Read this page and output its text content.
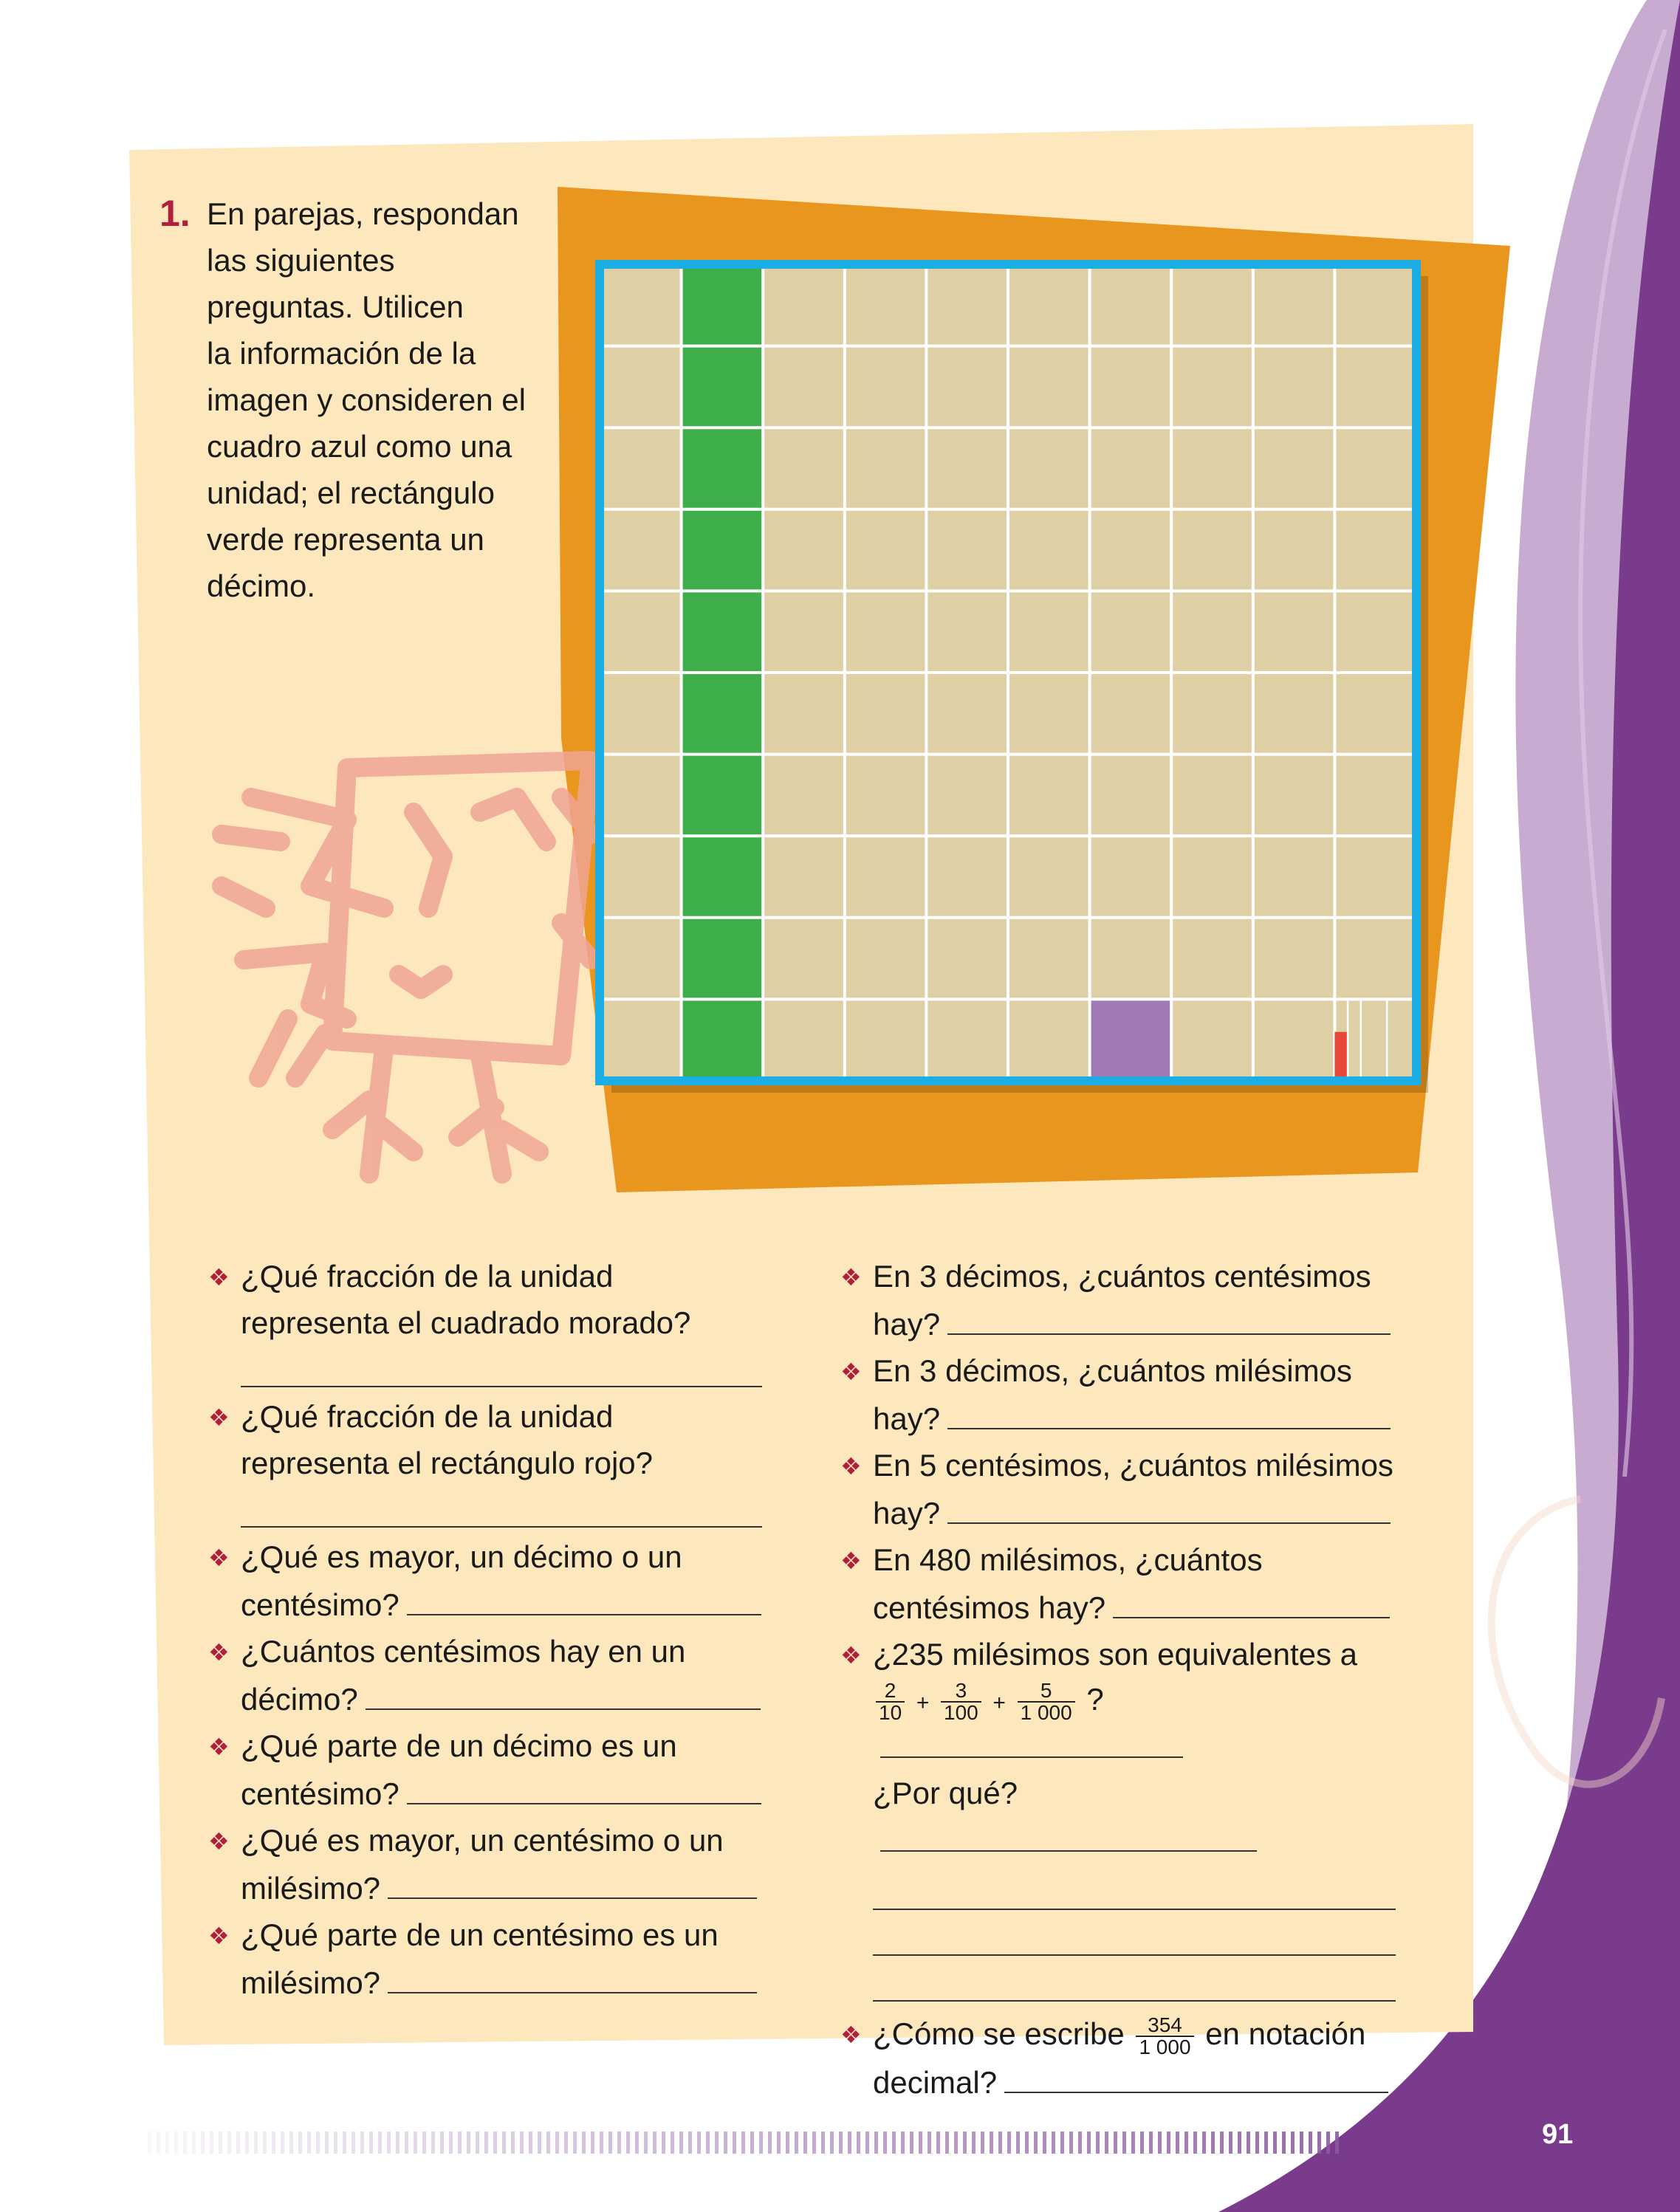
1. En parejas, respondan
las siguientes
preguntas. Utilicen
la información de la
imagen y consideren el
cuadro azul como una
unidad; el rectángulo
verde representa un
décimo.
❖ ¿Qué fracción de la unidad
representa el cuadrado morado?
❖ ¿Qué fracción de la unidad
representa el rectángulo rojo?
❖ ¿Qué es mayor, un décimo o un
centésimo?
❖ ¿Cuántos centésimos hay en un
décimo?
❖ ¿Qué parte de un décimo es un
centésimo?
❖ ¿Qué es mayor, un centésimo o un
milésimo?
❖ ¿Qué parte de un centésimo es un
milésimo?
❖ En 3 décimos, ¿cuántos centésimos
hay?
❖ En 3 décimos, ¿cuántos milésimos
hay?
❖ En 5 centésimos, ¿cuántos milésimos
hay?
❖ En 480 milésimos, ¿cuántos
centésimos hay?
❖ ¿235 milésimos son equivalentes a
$\frac{2}{10} + \frac{3}{100} + \frac{5}{1 000}$ ?
¿Por qué?
❖ ¿Cómo se escribe $\frac{354}{1 000}$ en notación
decimal?
91
